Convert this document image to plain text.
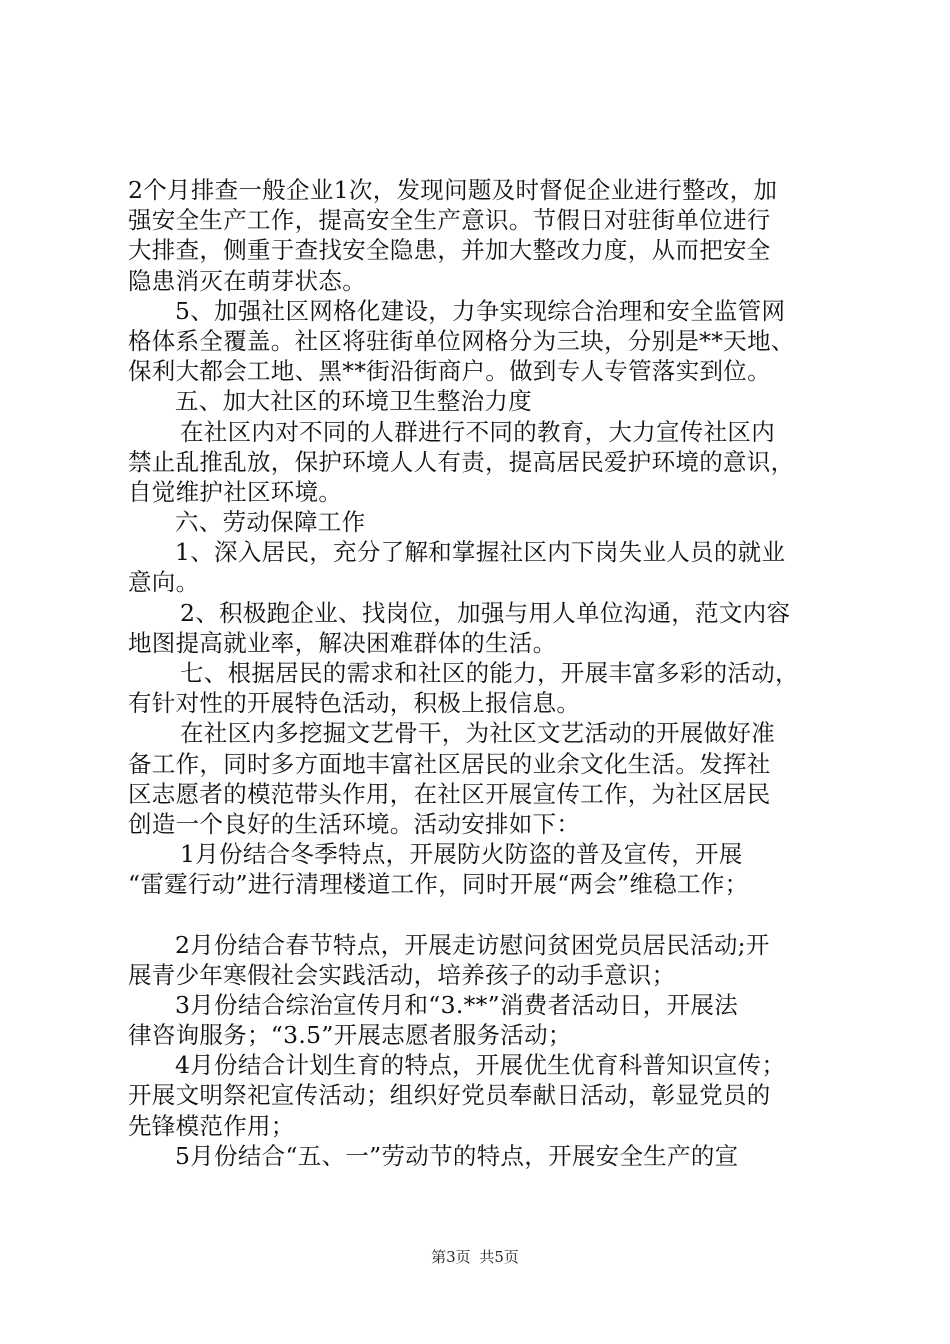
2个月排查一般企业1次，发现问题及时督促企业进行整改，加
强安全生产工作，提高安全生产意识。节假日对驻街单位进行
大排查，侧重于查找安全隐患，并加大整改力度，从而把安全
隐患消灭在萌芽状态。
5、加强社区网格化建设，力争实现综合治理和安全监管网
格体系全覆盖。社区将驻街单位网格分为三块，分别是**天地、
保利大都会工地、黑**街沿街商户。做到专人专管落实到位。
五、加大社区的环境卫生整治力度
在社区内对不同的人群进行不同的教育，大力宣传社区内
禁止乱推乱放，保护环境人人有责，提高居民爱护环境的意识，
自觉维护社区环境。
六、劳动保障工作
1、深入居民，充分了解和掌握社区内下岗失业人员的就业
意向。
2、积极跑企业、找岗位，加强与用人单位沟通，范文内容
地图提高就业率，解决困难群体的生活。
七、根据居民的需求和社区的能力，开展丰富多彩的活动，
有针对性的开展特色活动，积极上报信息。
在社区内多挖掘文艺骨干，为社区文艺活动的开展做好准
备工作，同时多方面地丰富社区居民的业余文化生活。发挥社
区志愿者的模范带头作用，在社区开展宣传工作，为社区居民
创造一个良好的生活环境。活动安排如下：
1月份结合冬季特点，开展防火防盗的普及宣传，开展
“雷霆行动”进行清理楼道工作，同时开展“两会”维稳工作；
2月份结合春节特点，开展走访慰问贫困党员居民活动;开
展青少年寒假社会实践活动，培养孩子的动手意识；
3月份结合综治宣传月和“3.**”消费者活动日，开展法
律咨询服务；“3.5”开展志愿者服务活动；
4月份结合计划生育的特点，开展优生优育科普知识宣传；
开展文明祭祀宣传活动；组织好党员奉献日活动，彰显党员的
先锋模范作用；
5月份结合“五、一”劳动节的特点，开展安全生产的宣
第3页 共5页
